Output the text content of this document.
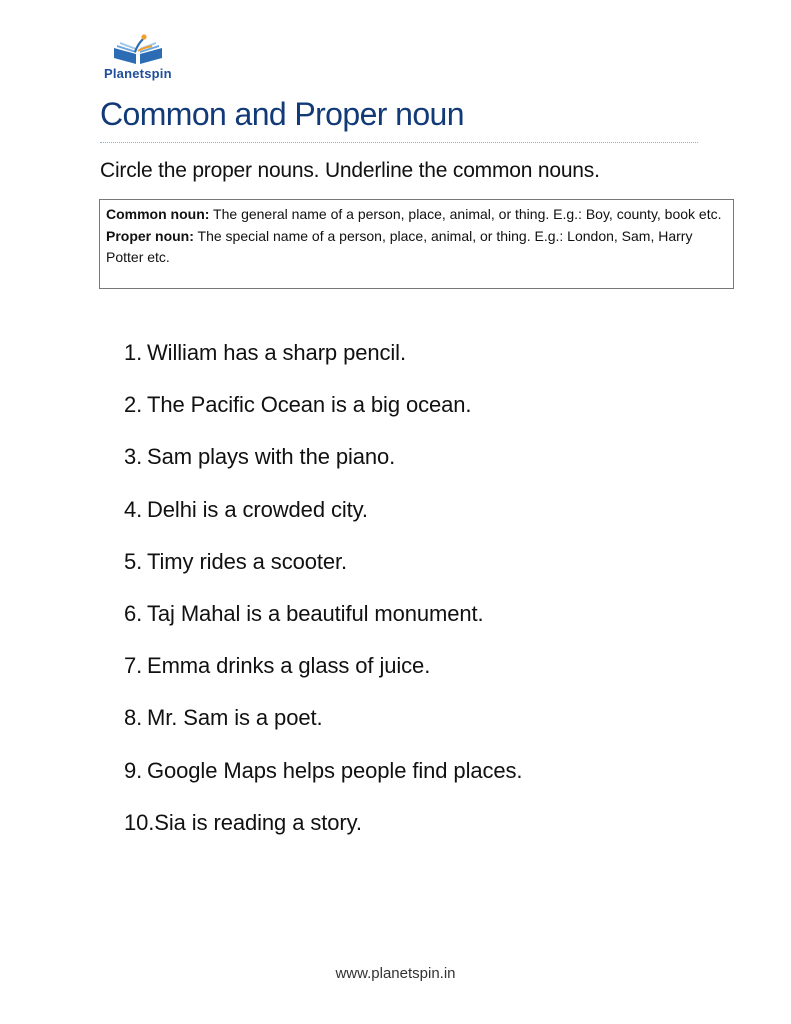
Planetspin
Common and Proper noun
Circle the proper nouns. Underline the common nouns.

Common noun: The general name of a person, place, animal, or thing. E.g.: Boy, county, book etc.

Proper noun: The special name of a person, place, animal, or thing. E.g.: London, Sam, Harry Potter etc.

1. William has a sharp pencil.
2. The Pacific Ocean is a big ocean.
3. Sam plays with the piano.
4. Delhi is a crowded city.
5. Timy rides a scooter.
6. Taj Mahal is a beautiful monument.
7. Emma drinks a glass of juice.
8. Mr. Sam is a poet.
9. Google Maps helps people find places.
10.Sia is reading a story.
www.planetspin.in
